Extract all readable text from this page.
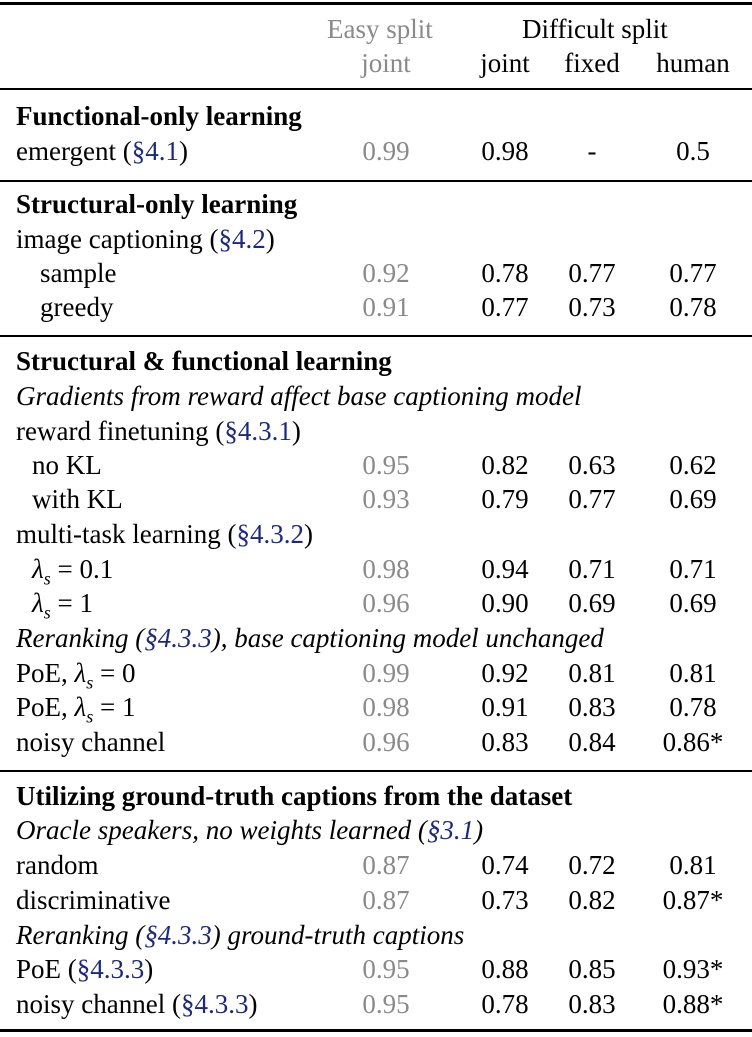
Easy split	Difficult split
joint	joint	fixed	human
Functional-only learning
emergent (§4.1)	0.99	0.98	-	0.5
Structural-only learning
image captioning (§4.2)
sample	0.92	0.78	0.77	0.77
greedy	0.91	0.77	0.73	0.78
Structural & functional learning
Gradients from reward affect base captioning model
reward finetuning (§4.3.1)
no KL	0.95	0.82	0.63	0.62
with KL	0.93	0.79	0.77	0.69
multi-task learning (§4.3.2)
$\lambda_s = 0.1$	0.98	0.94	0.71	0.71
$\lambda_s = 1$	0.96	0.90	0.69	0.69
Reranking (§4.3.3), base captioning model unchanged
PoE, $\lambda_s = 0$	0.99	0.92	0.81	0.81
PoE, $\lambda_s = 1$	0.98	0.91	0.83	0.78
noisy channel	0.96	0.83	0.84	0.86*
Utilizing ground-truth captions from the dataset
Oracle speakers, no weights learned (§3.1)
random	0.87	0.74	0.72	0.81
discriminative	0.87	0.73	0.82	0.87*
Reranking (§4.3.3) ground-truth captions
PoE (§4.3.3)	0.95	0.88	0.85	0.93*
noisy channel (§4.3.3)	0.95	0.78	0.83	0.88*
